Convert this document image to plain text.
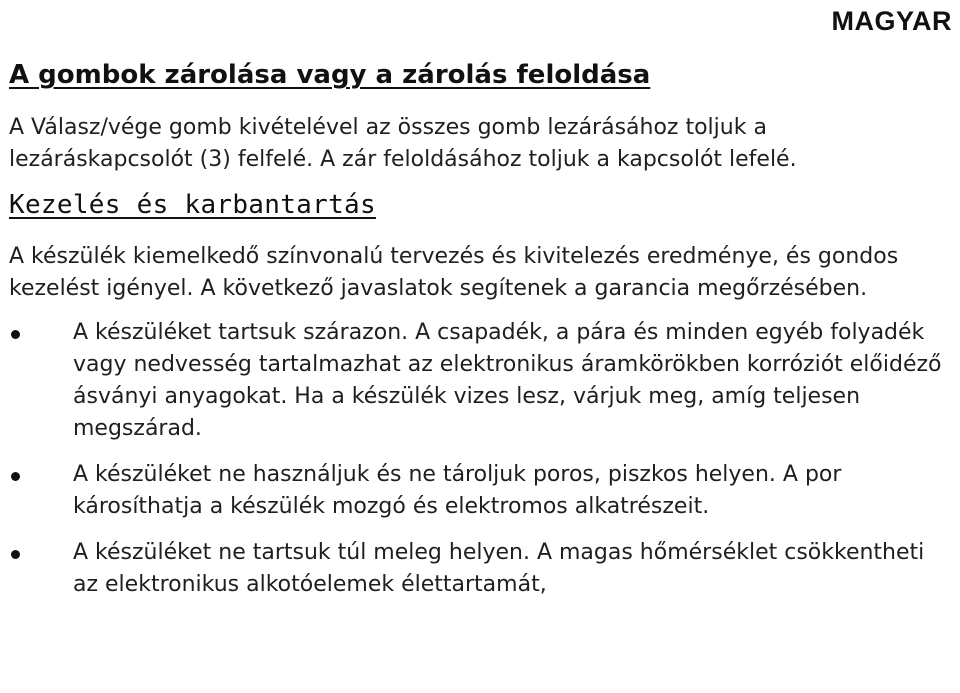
MAGYAR
A gombok zárolása vagy a zárolás feloldása

A Válasz/vége gomb kivételével az összes gomb lezárásához toljuk a lezáráskapcsolót (3) felfelé. A zár feloldásához toljuk a kapcsolót lefelé.

Kezelés és karbantartás

A készülék kiemelkedő színvonalú tervezés és kivitelezés eredménye, és gondos kezelést igényel. A következő javaslatok segítenek a garancia megőrzésében.

A készüléket tartsuk szárazon. A csapadék, a pára és minden egyéb folyadék vagy nedvesség tartalmazhat az elektronikus áramkörökben korróziót előidéző ásványi anyagokat. Ha a készülék vizes lesz, várjuk meg, amíg teljesen megszárad.
A készüléket ne használjuk és ne tároljuk poros, piszkos helyen. A por károsíthatja a készülék mozgó és elektromos alkatrészeit.
A készüléket ne tartsuk túl meleg helyen. A magas hőmérséklet csökkentheti az elektronikus alkotóelemek élettartamát,
